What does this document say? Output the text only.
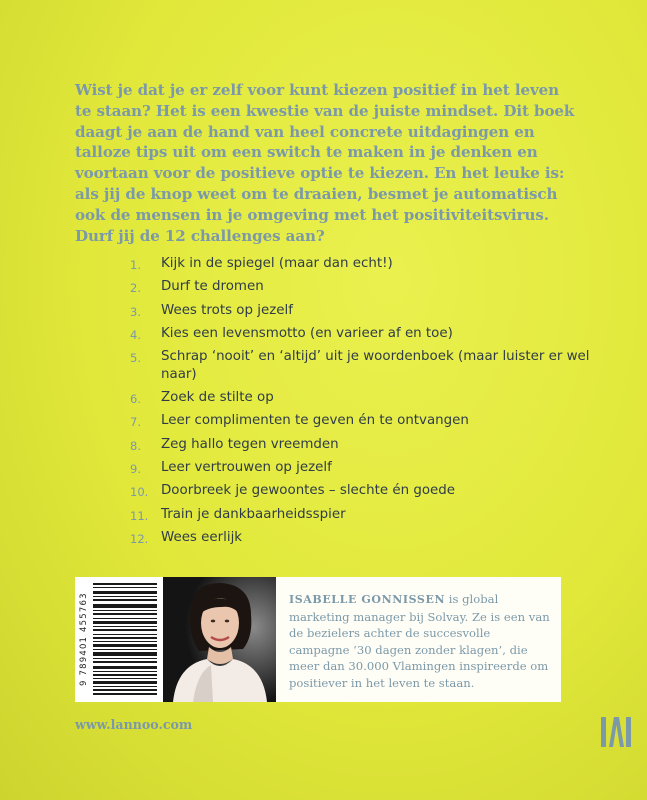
Wist je dat je er zelf voor kunt kiezen positief in het leven te staan? Het is een kwestie van de juiste mindset. Dit boek daagt je aan de hand van heel concrete uitdagingen en talloze tips uit om een switch te maken in je denken en voortaan voor de positieve optie te kiezen. En het leuke is: als jij de knop weet om te draaien, besmet je automatisch ook de mensen in je omgeving met het positiviteitsvirus. Durf jij de 12 challenges aan?

1.	Kijk in de spiegel (maar dan echt!)
2.	Durf te dromen
3.	Wees trots op jezelf
4.	Kies een levensmotto (en varieer af en toe)
5.	Schrap ‘nooit’ en ‘altijd’ uit je woordenboek (maar luister er wel naar)
6.	Zoek de stilte op
7.	Leer complimenten te geven én te ontvangen
8.	Zeg hallo tegen vreemden
9.	Leer vertrouwen op jezelf
10. Doorbreek je gewoontes – slechte én goede
11. Train je dankbaarheidsspier
12. Wees eerlijk
9 789401 455763	ISABELLE GONNISSEN is global marketing manager bij Solvay. Ze is een van de bezielers achter de succesvolle campagne ‘30 dagen zonder klagen’, die meer dan 30.000 Vlamingen inspireerde om positiever in het leven te staan.
www.lannoo.com
